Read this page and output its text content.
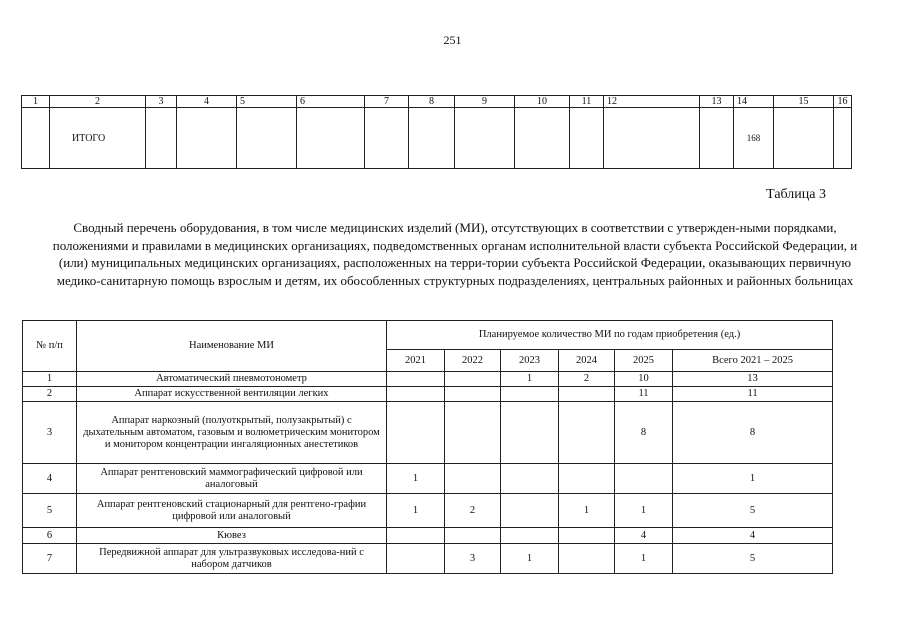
251
1	2	3	4	5	6	7	8	9	10	11	12	13	14	15	16
	ИТОГО												168		
Таблица 3
Сводный перечень оборудования, в том числе медицинских изделий (МИ), отсутствующих в соответствии с утвержден-ными порядками, положениями и правилами в медицинских организациях, подведомственных органам исполнительной власти субъекта Российской Федерации, и (или) муниципальных медицинских организациях, расположенных на терри-тории субъекта Российской Федерации, оказывающих первичную медико-санитарную помощь взрослым и детям, их обособленных структурных подразделениях, центральных районных и районных больницах
№ п/п	Наименование МИ	Планируемое количество МИ по годам приобретения (ед.)					
		2021	2022	2023	2024	2025	Всего 2021 – 2025
1	Автоматический пневмотонометр			1	2	10	13
2	Аппарат искусственной вентиляции легких					11	11
3	Аппарат наркозный (полуоткрытый, полузакрытый) с дыхательным автоматом, газовым и волюметрическим монитором и монитором концентрации ингаляционных анестетиков					8	8
4	Аппарат рентгеновский маммографический цифровой или аналоговый	1					1
5	Аппарат рентгеновский стационарный для рентгено-графии цифровой или аналоговый	1	2		1	1	5
6	Кювез					4	4
7	Передвижной аппарат для ультразвуковых исследова-ний с набором датчиков		3	1		1	5
